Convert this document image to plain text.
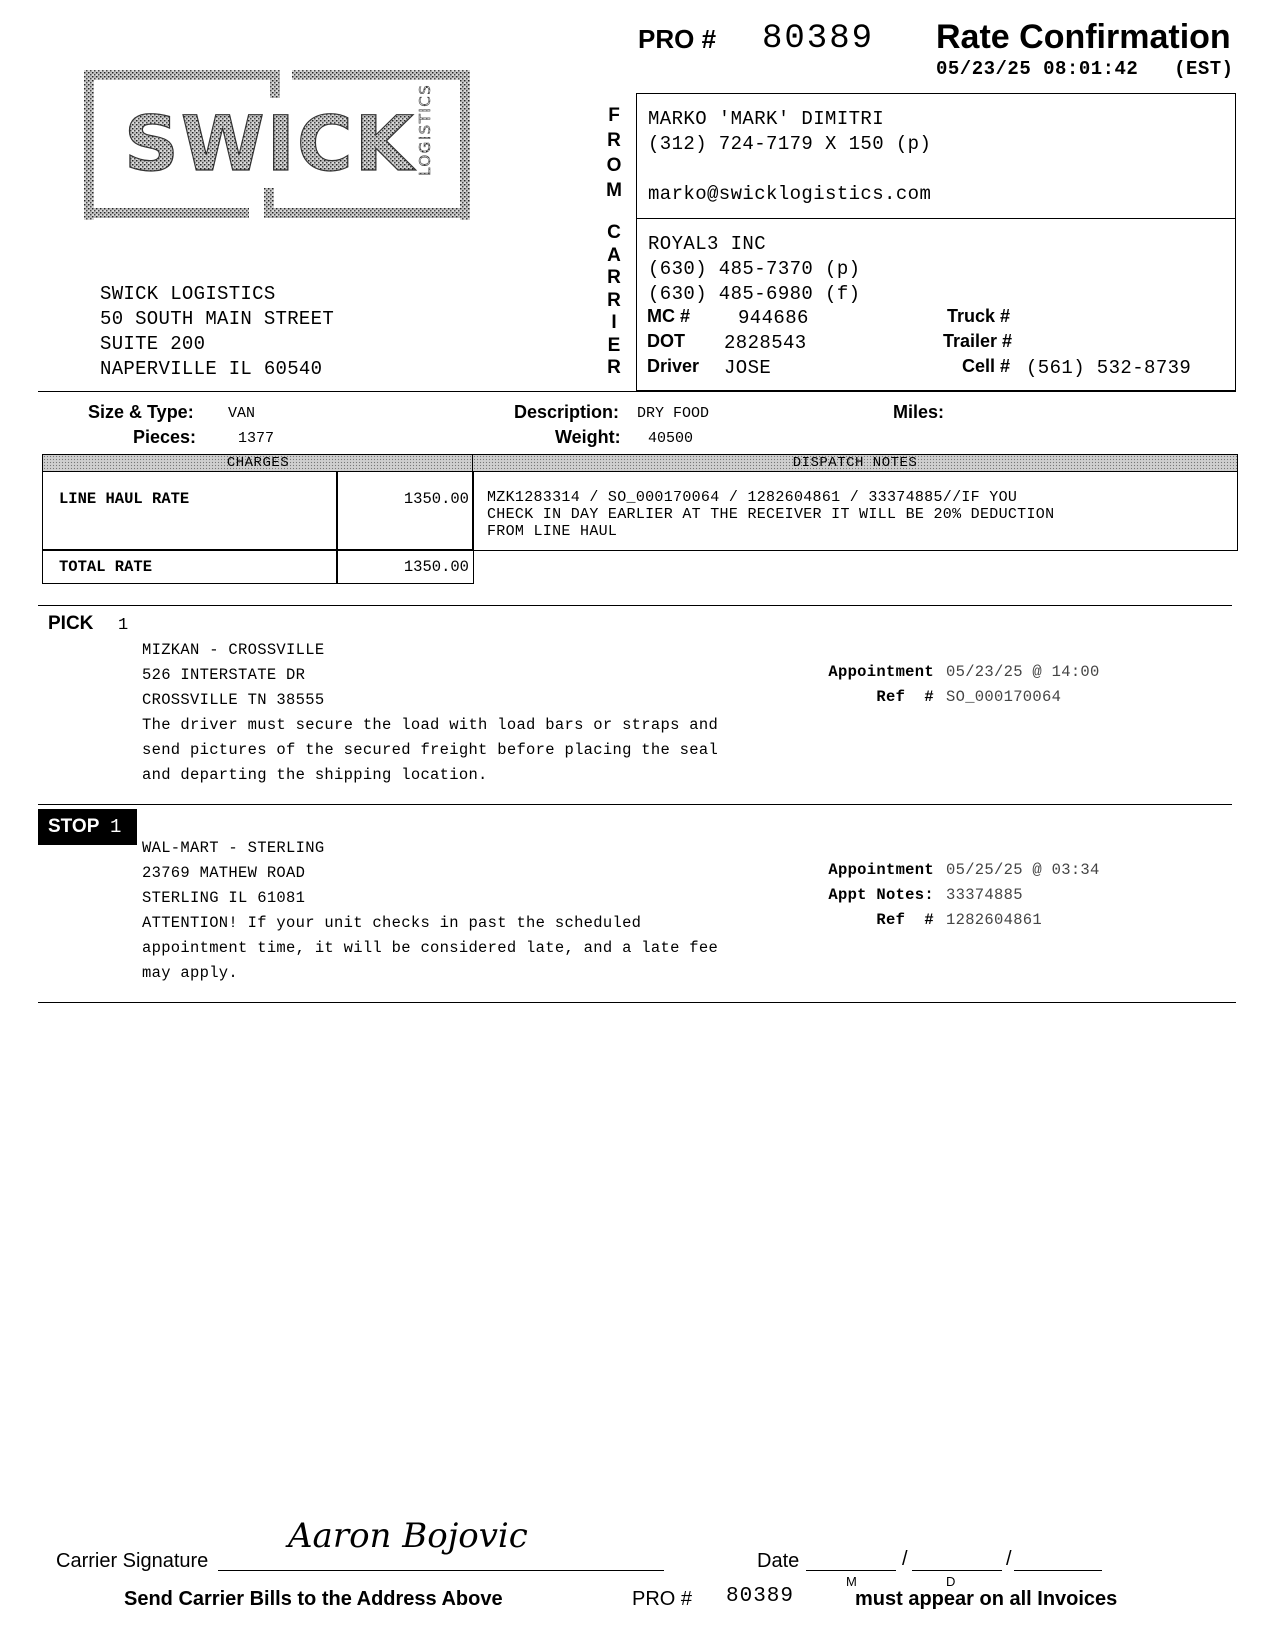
PRO # 80389 Rate Confirmation
05/23/25 08:01:42 (EST)
SWICK LOGISTICS
SWICK LOGISTICS
50 SOUTH MAIN STREET
SUITE 200
NAPERVILLE IL 60540
F
R
O
M
C
A
R
R
I
E
R
MARKO 'MARK' DIMITRI
(312) 724-7179 X 150 (p)
marko@swicklogistics.com
ROYAL3 INC
(630) 485-7370 (p)
(630) 485-6980 (f)
MC #	944686
DOT 2828543
Driver JOSE
Truck #
Trailer #
Cell # (561) 532-8739
Size & Type: VAN
Pieces:	1377
Description: DRY FOOD
Weight: 40500
Miles:
CHARGES	DISPATCH NOTES
LINE HAUL RATE	1350.00 MZK1283314 / SO_000170064 / 1282604861 / 33374885//IF YOU
CHECK IN DAY EARLIER AT THE RECEIVER IT WILL BE 20% DEDUCTION
FROM LINE HAUL
TOTAL RATE	1350.00
PICK 1
MIZKAN - CROSSVILLE
526 INTERSTATE DR
CROSSVILLE TN 38555
The driver must secure the load with load bars or straps and
send pictures of the secured freight before placing the seal
and departing the shipping location.
Appointment 05/23/25 @ 14:00
Ref  # SO_000170064
STOP 1
WAL-MART - STERLING
23769 MATHEW ROAD
STERLING IL 61081
ATTENTION! If your unit checks in past the scheduled
appointment time, it will be considered late, and a late fee
may apply.
Appointment 05/25/25 @ 03:34
Appt Notes: 33374885
Ref  # 1282604861
Carrier Signature
Aaron Bojovic
Date	/	/
M	D
Send Carrier Bills to the Address Above	PRO # 80389	must appear on all Invoices
